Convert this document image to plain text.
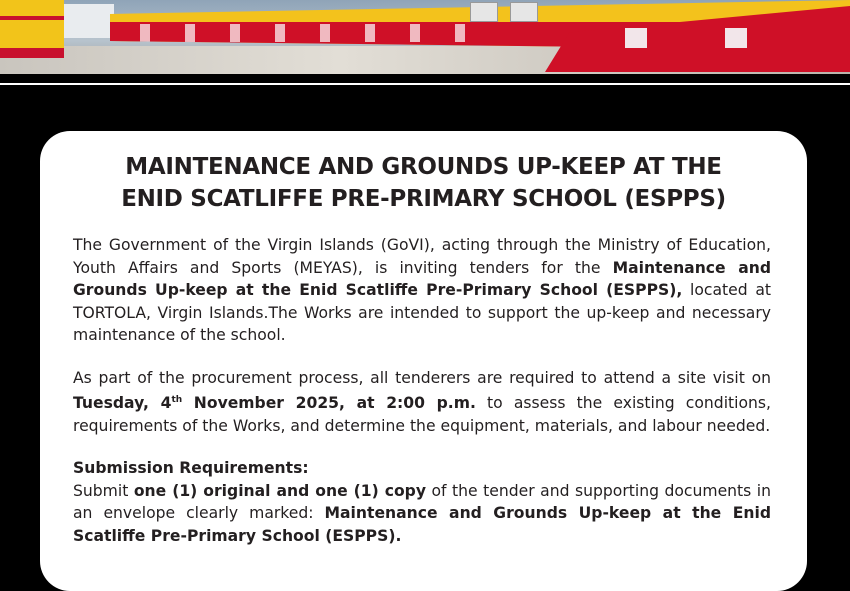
MAINTENANCE AND GROUNDS UP-KEEP AT THE
ENID SCATLIFFE PRE-PRIMARY SCHOOL (ESPPS)

The Government of the Virgin Islands (GoVI), acting through the Ministry of Education, Youth Affairs and Sports (MEYAS), is inviting tenders for the Maintenance and Grounds Up-keep at the Enid Scatliffe Pre-Primary School (ESPPS), located at TORTOLA, Virgin Islands.The Works are intended to support the up-keep and necessary maintenance of the school.

As part of the procurement process, all tenderers are required to attend a site visit on Tuesday, 4th November 2025, at 2:00 p.m. to assess the existing conditions, requirements of the Works, and determine the equipment, materials, and labour needed.

Submission Requirements:

Submit one (1) original and one (1) copy of the tender and supporting documents in an envelope clearly marked: Maintenance and Grounds Up-keep at the Enid Scatliffe Pre-Primary School (ESPPS).
